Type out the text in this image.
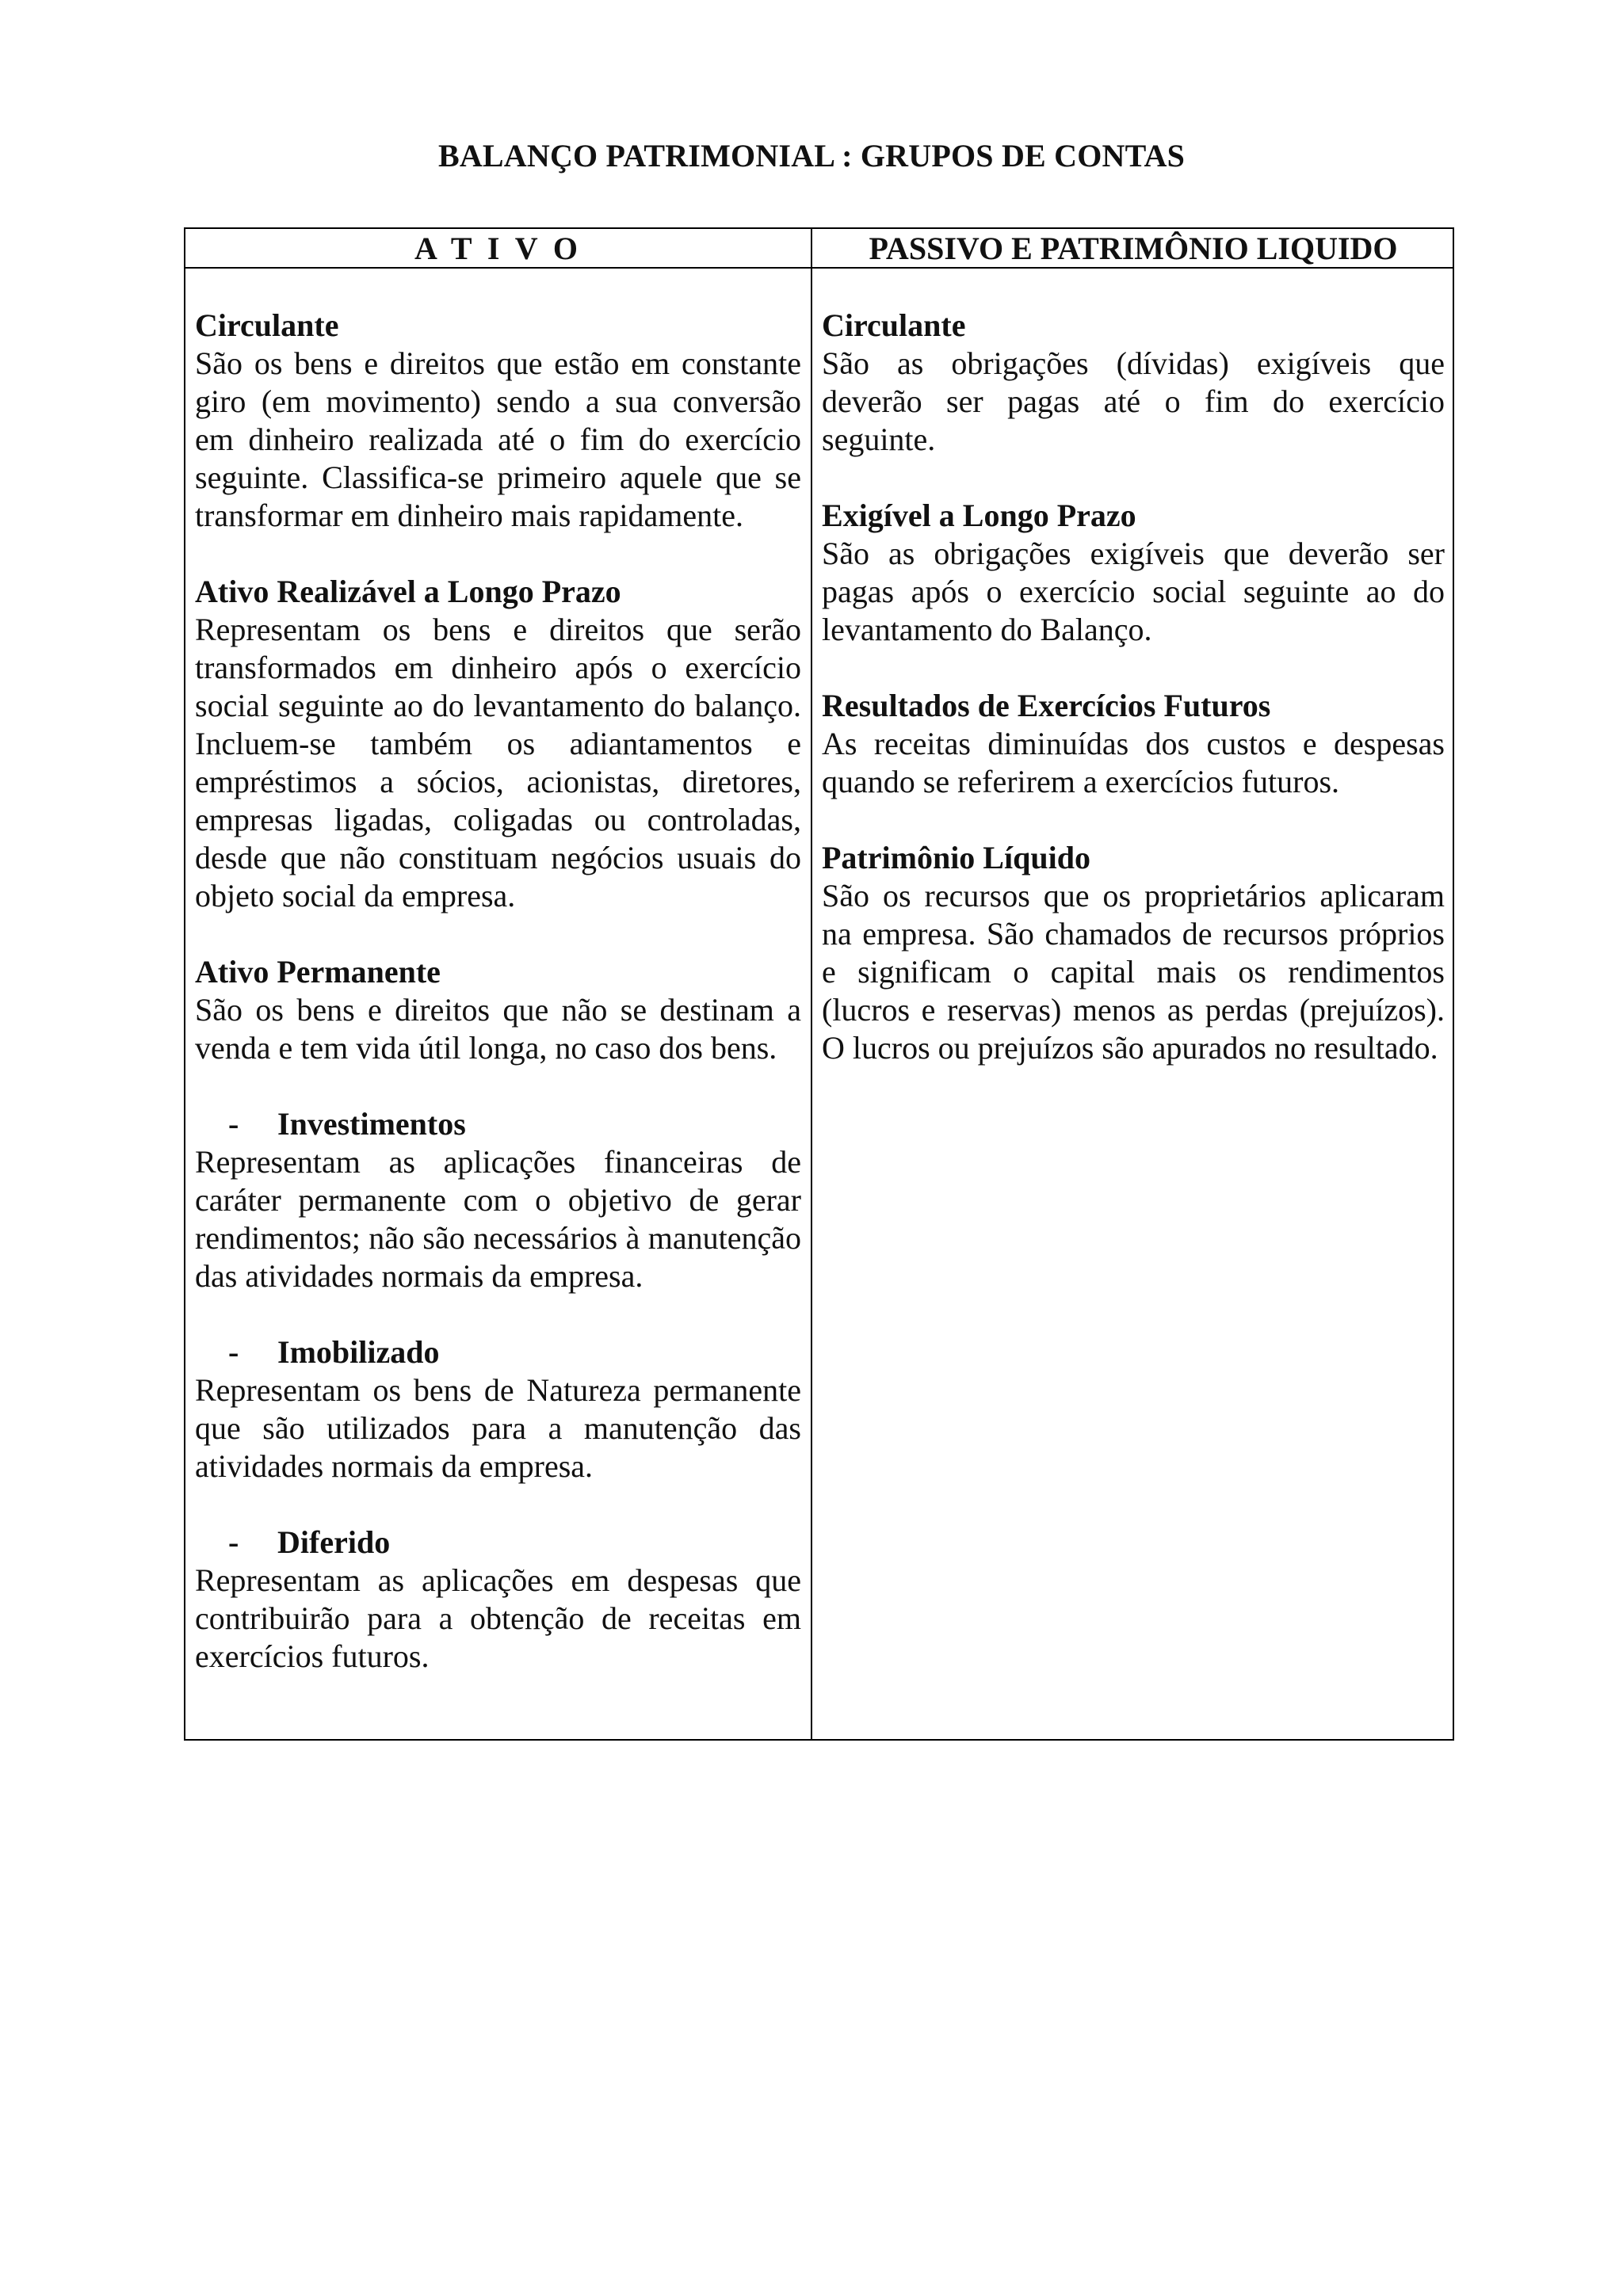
BALANÇO PATRIMONIAL : GRUPOS DE CONTAS
A T I V O	PASSIVO E PATRIMÔNIO LIQUIDO

Circulante

São os bens e direitos que estão em constante giro (em movimento) sendo a sua conversão em dinheiro realizada até o fim do exercício seguinte. Classifica-se primeiro aquele que se transformar em dinheiro mais rapidamente.

Ativo Realizável a Longo Prazo

Representam os bens e direitos que serão transformados em dinheiro após o exercício social seguinte ao do levantamento do balanço. Incluem-se também os adiantamentos e empréstimos a sócios, acionistas, diretores, empresas ligadas, coligadas ou controladas, desde que não constituam negócios usuais do objeto social da empresa.

Ativo Permanente

São os bens e direitos que não se destinam a venda e tem vida útil longa, no caso dos bens.

- Investimentos

Representam as aplicações financeiras de caráter permanente com o objetivo de gerar rendimentos; não são necessários à manutenção das atividades normais da empresa.

- Imobilizado

Representam os bens de Natureza permanente que são utilizados para a manutenção das atividades normais da empresa.

- Diferido

Representam as aplicações em despesas que contribuirão para a obtenção de receitas em exercícios futuros.

Circulante

São as obrigações (dívidas) exigíveis que deverão ser pagas até o fim do exercício seguinte.

Exigível a Longo Prazo

São as obrigações exigíveis que deverão ser pagas após o exercício social seguinte ao do levantamento do Balanço.

Resultados de Exercícios Futuros

As receitas diminuídas dos custos e despesas quando se referirem a exercícios futuros.

Patrimônio Líquido

São os recursos que os proprietários aplicaram na empresa. São chamados de recursos próprios e significam o capital mais os rendimentos (lucros e reservas) menos as perdas (prejuízos). O lucros ou prejuízos são apurados no resultado.
